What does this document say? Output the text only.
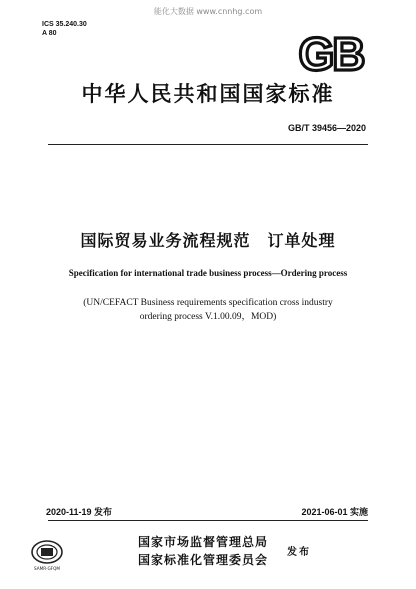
能化大数据 www.cnnhg.com
ICS 35.240.30
A 80	GB
中华人民共和国国家标准
GB/T 39456—2020
国际贸易业务流程规范　订单处理
Specification for international trade business process—Ordering process
(UN/CEFACT Business requirements specification cross industry
ordering process V.1.00.09，MOD)
2020-11-19 发布	2021-06-01 实施
SAMR·GFQM
国家市场监督管理总局
国家标准化管理委员会
发布
